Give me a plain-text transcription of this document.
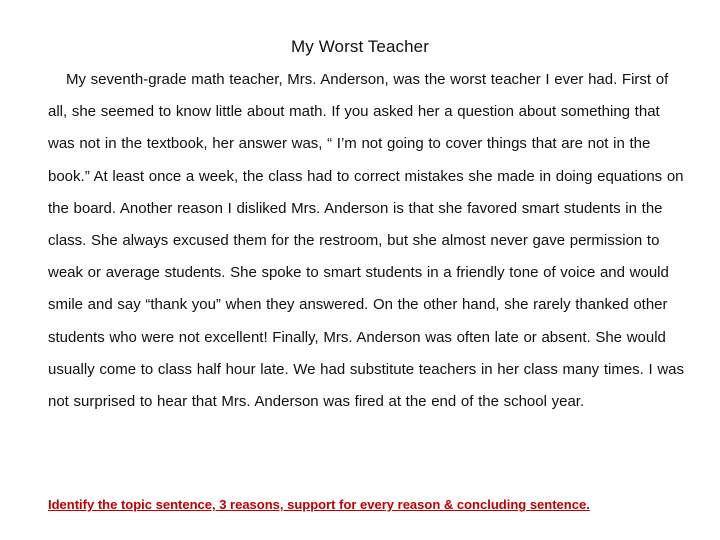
My Worst Teacher

My seventh-grade math teacher, Mrs. Anderson, was the worst teacher I ever had. First of all, she seemed to know little about math. If you asked her a question about something that was not in the textbook, her answer was, “ I’m not going to cover things that are not in the book.” At least once a week, the class had to correct mistakes she made in doing equations on the board. Another reason I disliked Mrs. Anderson is that she favored smart students in the class. She always excused them for the restroom, but she almost never gave permission to weak or average students. She spoke to smart students in a friendly tone of voice and would smile and say “thank you” when they answered. On the other hand, she rarely thanked other students who were not excellent! Finally, Mrs. Anderson was often late or absent. She would usually come to class half hour late. We had substitute teachers in her class many times. I was not surprised to hear that Mrs. Anderson was fired at the end of the school year.

Identify the topic sentence, 3 reasons, support for every reason & concluding sentence.
